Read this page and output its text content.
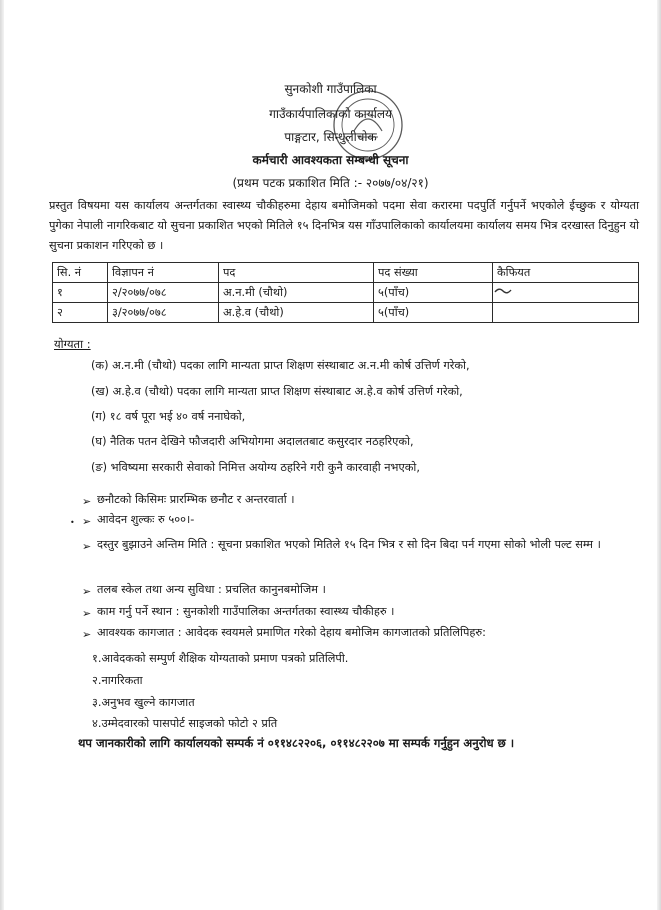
सुनकोशी गाउँपालिका
गाउँकार्यपालिकाको कार्यालय
पाङ्गटार, सिन्धुलीचोक
कर्मचारी आवश्यकता सम्बन्धी सूचना
(प्रथम पटक प्रकाशित मिति :- २०७७/०४/२१)
प्रस्तुत विषयमा यस कार्यालय अन्तर्गतका स्वास्थ्य चौकीहरुमा देहाय बमोजिमको पदमा सेवा करारमा पदपुर्ति गर्नुपर्ने भएकोले ईच्छुक र योग्यता पुगेका नेपाली नागरिकबाट यो सुचना प्रकाशित भएको मितिले १५ दिनभित्र यस गाँउपालिकाको कार्यालयमा कार्यालय समय भित्र दरखास्त दिनुहुन यो सुचना प्रकाशन गरिएको छ ।
सि. नं	विज्ञापन नं	पद	पद संख्या	कैफियत
१	२/२०७७/०७८	अ.न.मी (चौथो)	५(पाँच)	
२	३/२०७७/०७८	अ.हे.व (चौथो)	५(पाँच)	
योग्यता :
(क) अ.न.मी (चौथो) पदका लागि मान्यता प्राप्त शिक्षण संस्थाबाट अ.न.मी कोर्ष उत्तिर्ण गरेको,
(ख) अ.हे.व (चौथो) पदका लागि मान्यता प्राप्त शिक्षण संस्थाबाट अ.हे.व कोर्ष उत्तिर्ण गरेको,
(ग) १८ वर्ष पूरा भई ४० वर्ष ननाघेको,
(घ) नैतिक पतन देखिने फौजदारी अभियोगमा अदालतबाट कसुरदार नठहरिएको,
(ङ) भविष्यमा सरकारी सेवाको निमित्त अयोग्य ठहरिने गरी कुनै कारवाही नभएको,
➢ छनौटको किसिमः प्रारम्भिक छनौट र अन्तरवार्ता ।
• ➢ आवेदन शुल्कः रु ५००।-
➢ दस्तुर बुझाउने अन्तिम मिति : सूचना प्रकाशित भएको मितिले १५ दिन भित्र र सो दिन बिदा पर्न गएमा सोको भोली पल्ट सम्म ।
➢ तलब स्केल तथा अन्य सुविधा : प्रचलित कानुनबमोजिम ।
➢ काम गर्नु पर्ने स्थान : सुनकोशी गाउँपालिका अन्तर्गतका स्वास्थ्य चौकीहरु ।
➢ आवश्यक कागजात : आवेदक स्वयमले प्रमाणित गरेको देहाय बमोजिम कागजातको प्रतिलिपिहरु:
१.आवेदकको सम्पुर्ण शैक्षिक योग्यताको प्रमाण पत्रको प्रतिलिपी.
२.नागरिकता
३.अनुभव खुल्ने कागजात
४.उम्मेदवारको पासपोर्ट साइजको फोटो २ प्रति
थप जानकारीको लागि कार्यालयको सम्पर्क नं ०११४८२२०६, ०११४८२२०७ मा सम्पर्क गर्नुहुन अनुरोध छ ।
